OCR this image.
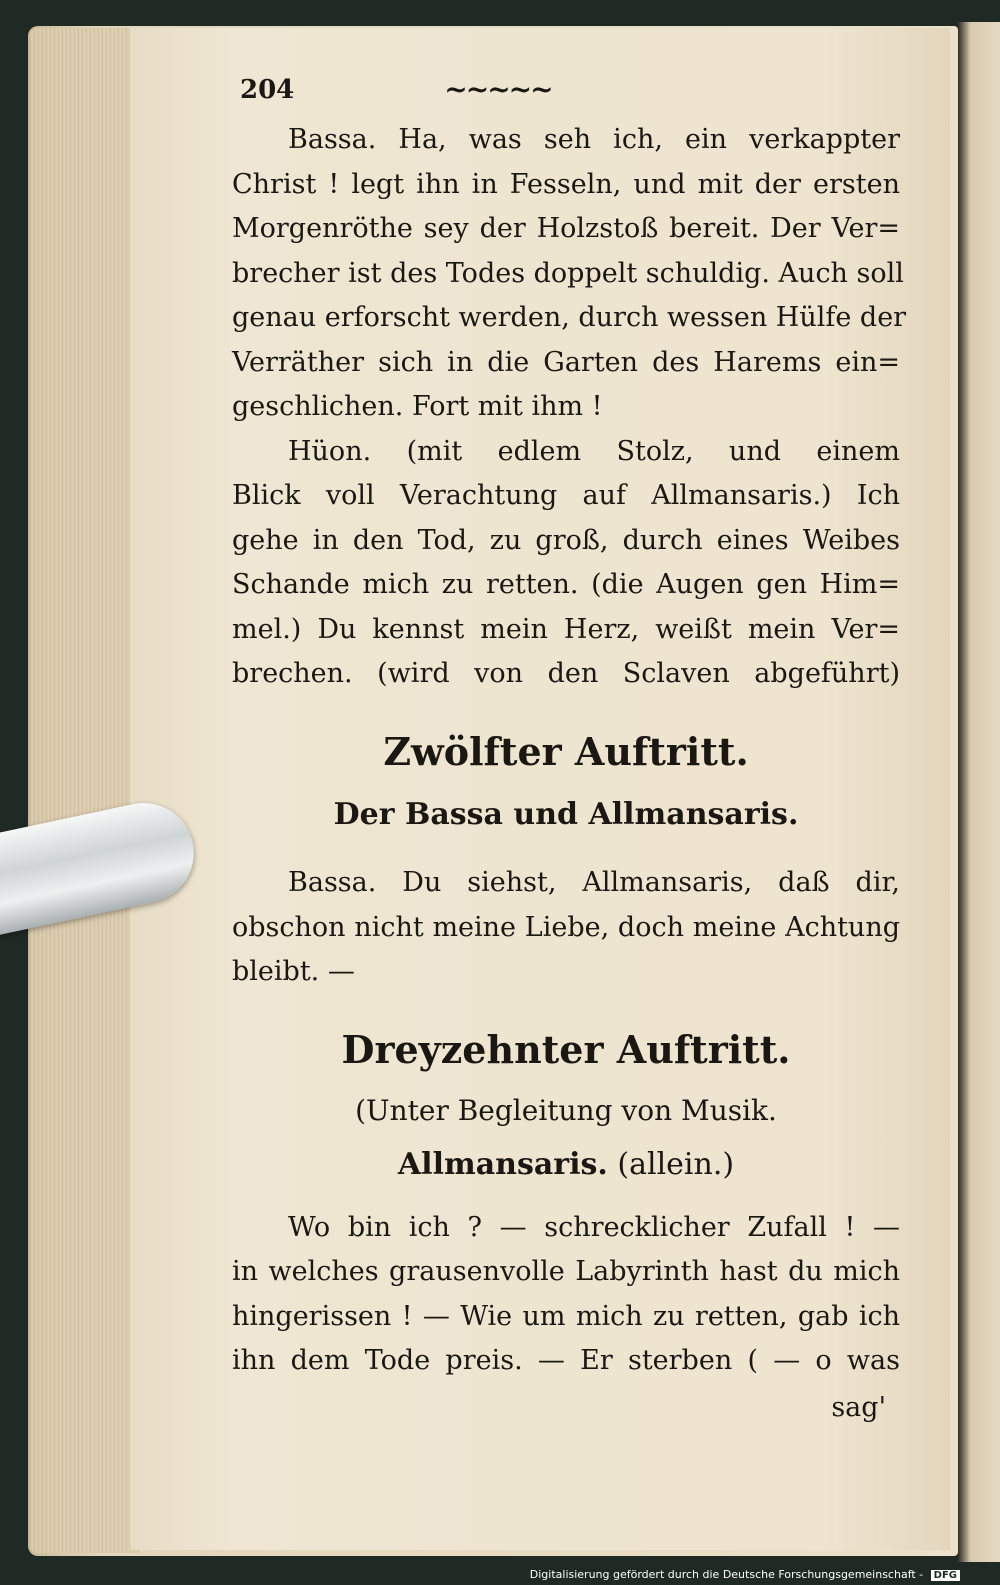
204	~~~~~
Bassa. Ha, was seh ich, ein verkappter
Christ ! legt ihn in Fesseln, und mit der ersten
Morgenröthe sey der Holzstoß bereit. Der Ver=
brecher ist des Todes doppelt schuldig. Auch soll
genau erforscht werden, durch wessen Hülfe der
Verräther sich in die Garten des Harems ein=
geschlichen. Fort mit ihm !
Hüon. (mit edlem Stolz, und einem
Blick voll Verachtung auf Allmansaris.) Ich
gehe in den Tod, zu groß, durch eines Weibes
Schande mich zu retten. (die Augen gen Him=
mel.) Du kennst mein Herz, weißt mein Ver=
brechen. (wird von den Sclaven abgeführt)
Zwölfter Auftritt.
Der Bassa und Allmansaris.
Bassa. Du siehst, Allmansaris, daß dir,
obschon nicht meine Liebe, doch meine Achtung
bleibt. —
Dreyzehnter Auftritt.
(Unter Begleitung von Musik.
Allmansaris. (allein.)
Wo bin ich ? — schrecklicher Zufall ! —
in welches grausenvolle Labyrinth hast du mich
hingerissen ! — Wie um mich zu retten, gab ich
ihn dem Tode preis. — Er sterben ( — o was
sag'
Digitalisierung gefördert durch die Deutsche Forschungsgemeinschaft - DFG
